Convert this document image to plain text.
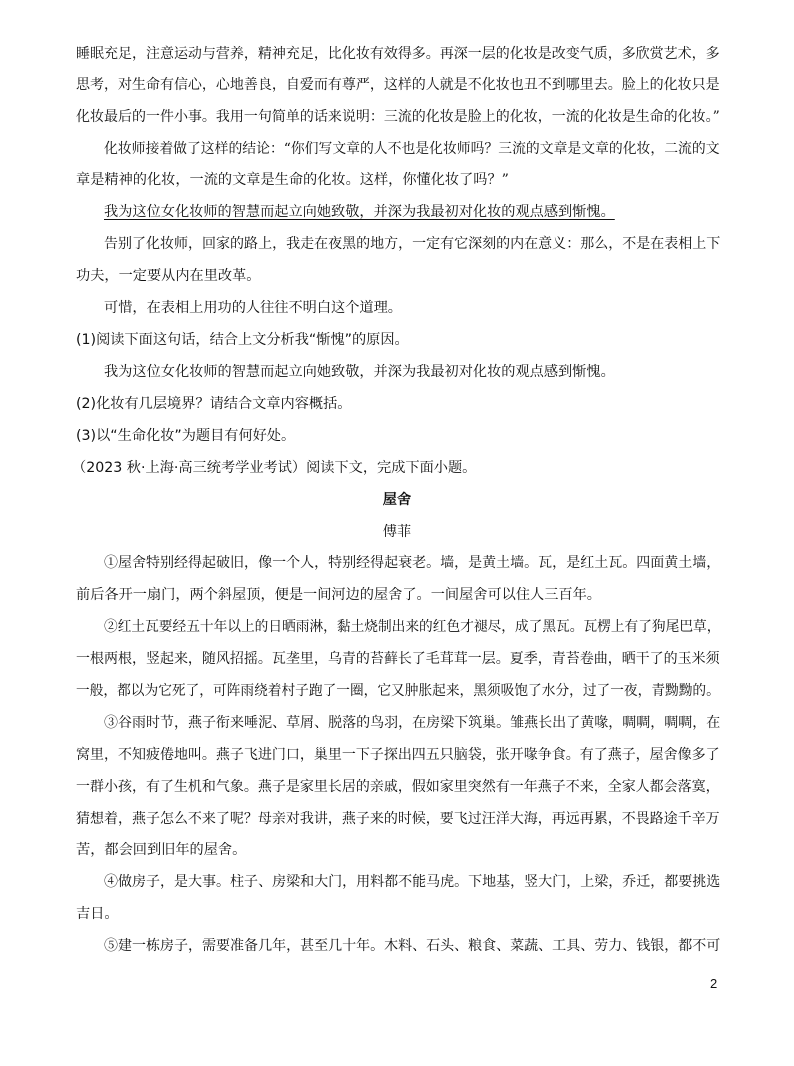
睡眠充足，注意运动与营养，精神充足，比化妆有效得多。再深一层的化妆是改变气质，多欣赏艺术，多
思考，对生命有信心，心地善良，自爱而有尊严，这样的人就是不化妆也丑不到哪里去。脸上的化妆只是
化妆最后的一件小事。我用一句简单的话来说明：三流的化妆是脸上的化妆，一流的化妆是生命的化妆。”
化妆师接着做了这样的结论：“你们写文章的人不也是化妆师吗？三流的文章是文章的化妆，二流的文
章是精神的化妆，一流的文章是生命的化妆。这样，你懂化妆了吗？”
我为这位女化妆师的智慧而起立向她致敬，并深为我最初对化妆的观点感到惭愧。
告别了化妆师，回家的路上，我走在夜黑的地方，一定有它深刻的内在意义：那么，不是在表相上下
功夫，一定要从内在里改革。
可惜，在表相上用功的人往往不明白这个道理。
(1)阅读下面这句话，结合上文分析我“惭愧”的原因。
我为这位女化妆师的智慧而起立向她致敬，并深为我最初对化妆的观点感到惭愧。
(2)化妆有几层境界？请结合文章内容概括。
(3)以“生命化妆”为题目有何好处。
（2023 秋·上海·高三统考学业考试）阅读下文，完成下面小题。
屋舍
傅菲
①屋舍特别经得起破旧，像一个人，特别经得起衰老。墙，是黄土墙。瓦，是红土瓦。四面黄土墙，
前后各开一扇门，两个斜屋顶，便是一间河边的屋舍了。一间屋舍可以住人三百年。
②红土瓦要经五十年以上的日晒雨淋，黏土烧制出来的红色才褪尽，成了黑瓦。瓦楞上有了狗尾巴草，
一根两根，竖起来，随风招摇。瓦垄里，乌青的苔藓长了毛茸茸一层。夏季，青苔卷曲，晒干了的玉米须
一般，都以为它死了，可阵雨绕着村子跑了一圈，它又肿胀起来，黑须吸饱了水分，过了一夜，青黝黝的。
③谷雨时节，燕子衔来唾泥、草屑、脱落的鸟羽，在房梁下筑巢。雏燕长出了黄喙，啁啁，啁啁，在
窝里，不知疲倦地叫。燕子飞进门口，巢里一下子探出四五只脑袋，张开喙争食。有了燕子，屋舍像多了
一群小孩，有了生机和气象。燕子是家里长居的亲戚，假如家里突然有一年燕子不来，全家人都会落寞，
猜想着，燕子怎么不来了呢？母亲对我讲，燕子来的时候，要飞过汪洋大海，再远再累，不畏路途千辛万
苦，都会回到旧年的屋舍。
④做房子，是大事。柱子、房梁和大门，用料都不能马虎。下地基，竖大门，上梁，乔迁，都要挑选
吉日。
⑤建一栋房子，需要准备几年，甚至几十年。木料、石头、粮食、菜蔬、工具、劳力、钱银，都不可
2
